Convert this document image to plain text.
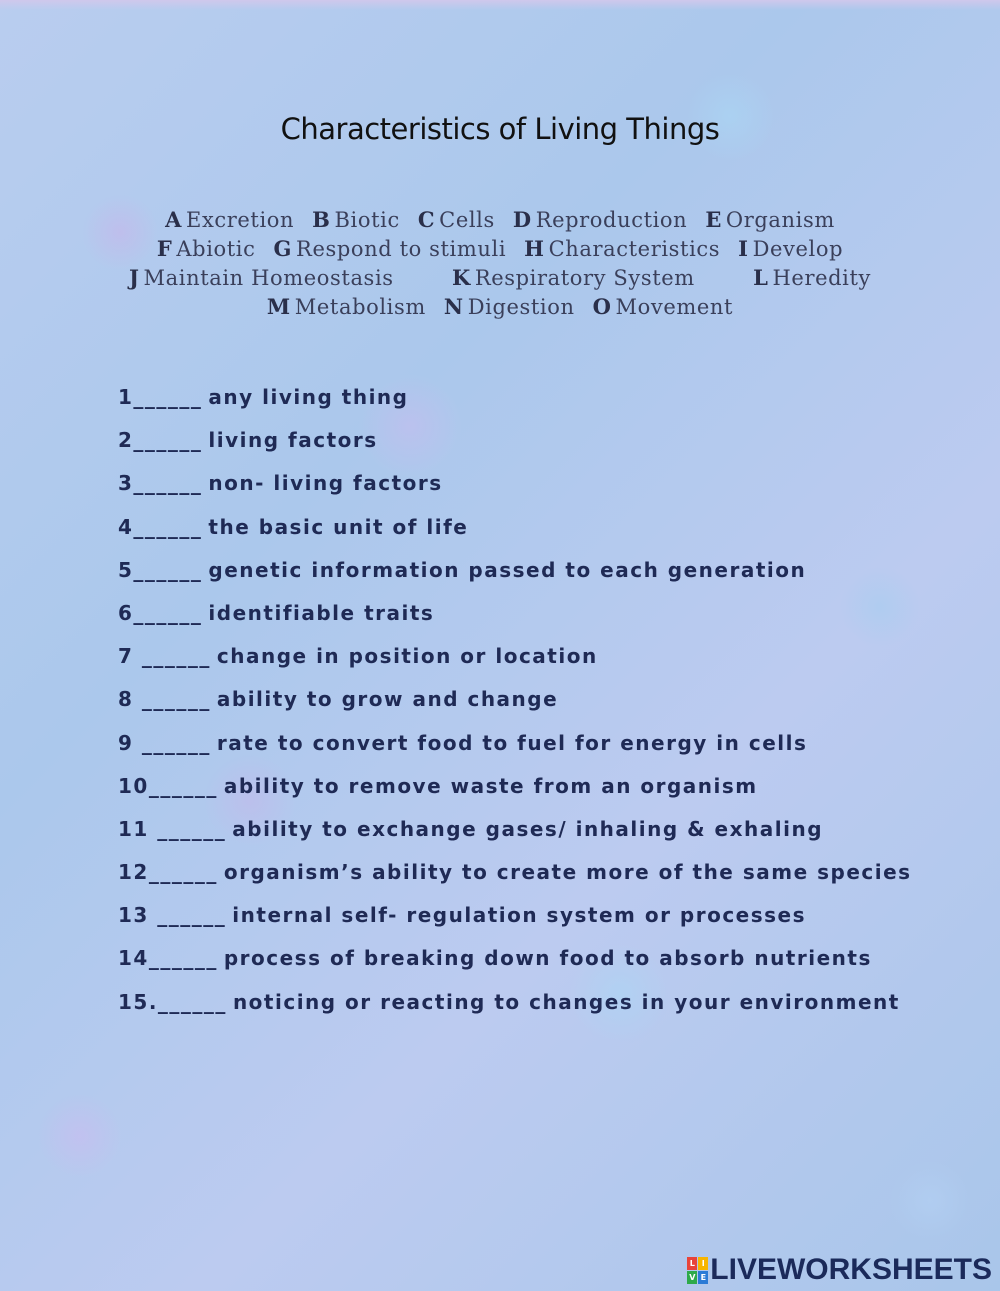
Characteristics of Living Things
A Excretion B Biotic C Cells D Reproduction E Organism
F Abiotic G Respond to stimuli H Characteristics I Develop
J Maintain Homeostasis	K Respiratory System	L Heredity
M Metabolism N Digestion O Movement
1______ any living thing
2______ living factors
3______ non- living factors
4______ the basic unit of life
5______ genetic information passed to each generation
6______ identifiable traits
7 ______ change in position or location
8 ______ ability to grow and change
9 ______ rate to convert food to fuel for energy in cells
10______ ability to remove waste from an organism
11 ______ ability to exchange gases/ inhaling & exhaling
12______ organism’s ability to create more of the same species
13 ______ internal self- regulation system or processes
14______ process of breaking down food to absorb nutrients
15.______ noticing or reacting to changes in your environment
L I
V E LIVEWORKSHEETS
